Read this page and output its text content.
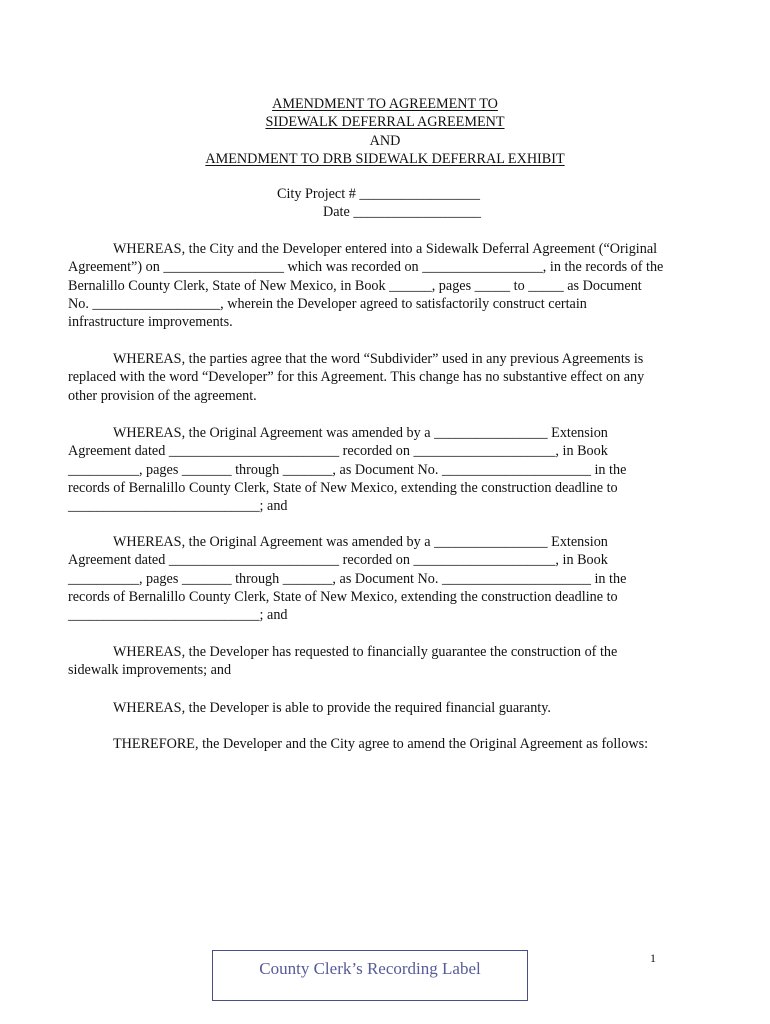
AMENDMENT TO AGREEMENT TO
SIDEWALK DEFERRAL AGREEMENT
AND
AMENDMENT TO DRB SIDEWALK DEFERRAL EXHIBIT
City Project # _________________
Date __________________
WHEREAS, the City and the Developer entered into a Sidewalk Deferral Agreement (“Original
Agreement”) on _________________ which was recorded on _________________, in the records of the
Bernalillo County Clerk, State of New Mexico, in Book ______, pages _____ to _____ as Document
No. __________________, wherein the Developer agreed to satisfactorily construct certain
infrastructure improvements.
WHEREAS, the parties agree that the word “Subdivider” used in any previous Agreements is
replaced with the word “Developer” for this Agreement. This change has no substantive effect on any
other provision of the agreement.
WHEREAS, the Original Agreement was amended by a ________________ Extension
Agreement dated ________________________ recorded on ____________________, in Book
__________, pages _______ through _______, as Document No. _____________________ in the
records of Bernalillo County Clerk, State of New Mexico, extending the construction deadline to
___________________________; and
WHEREAS, the Original Agreement was amended by a ________________ Extension
Agreement dated ________________________ recorded on ____________________, in Book
__________, pages _______ through _______, as Document No. _____________________ in the
records of Bernalillo County Clerk, State of New Mexico, extending the construction deadline to
___________________________; and
WHEREAS, the Developer has requested to financially guarantee the construction of the
sidewalk improvements; and
WHEREAS, the Developer is able to provide the required financial guaranty.
THEREFORE, the Developer and the City agree to amend the Original Agreement as follows:
1
County Clerk’s Recording Label
